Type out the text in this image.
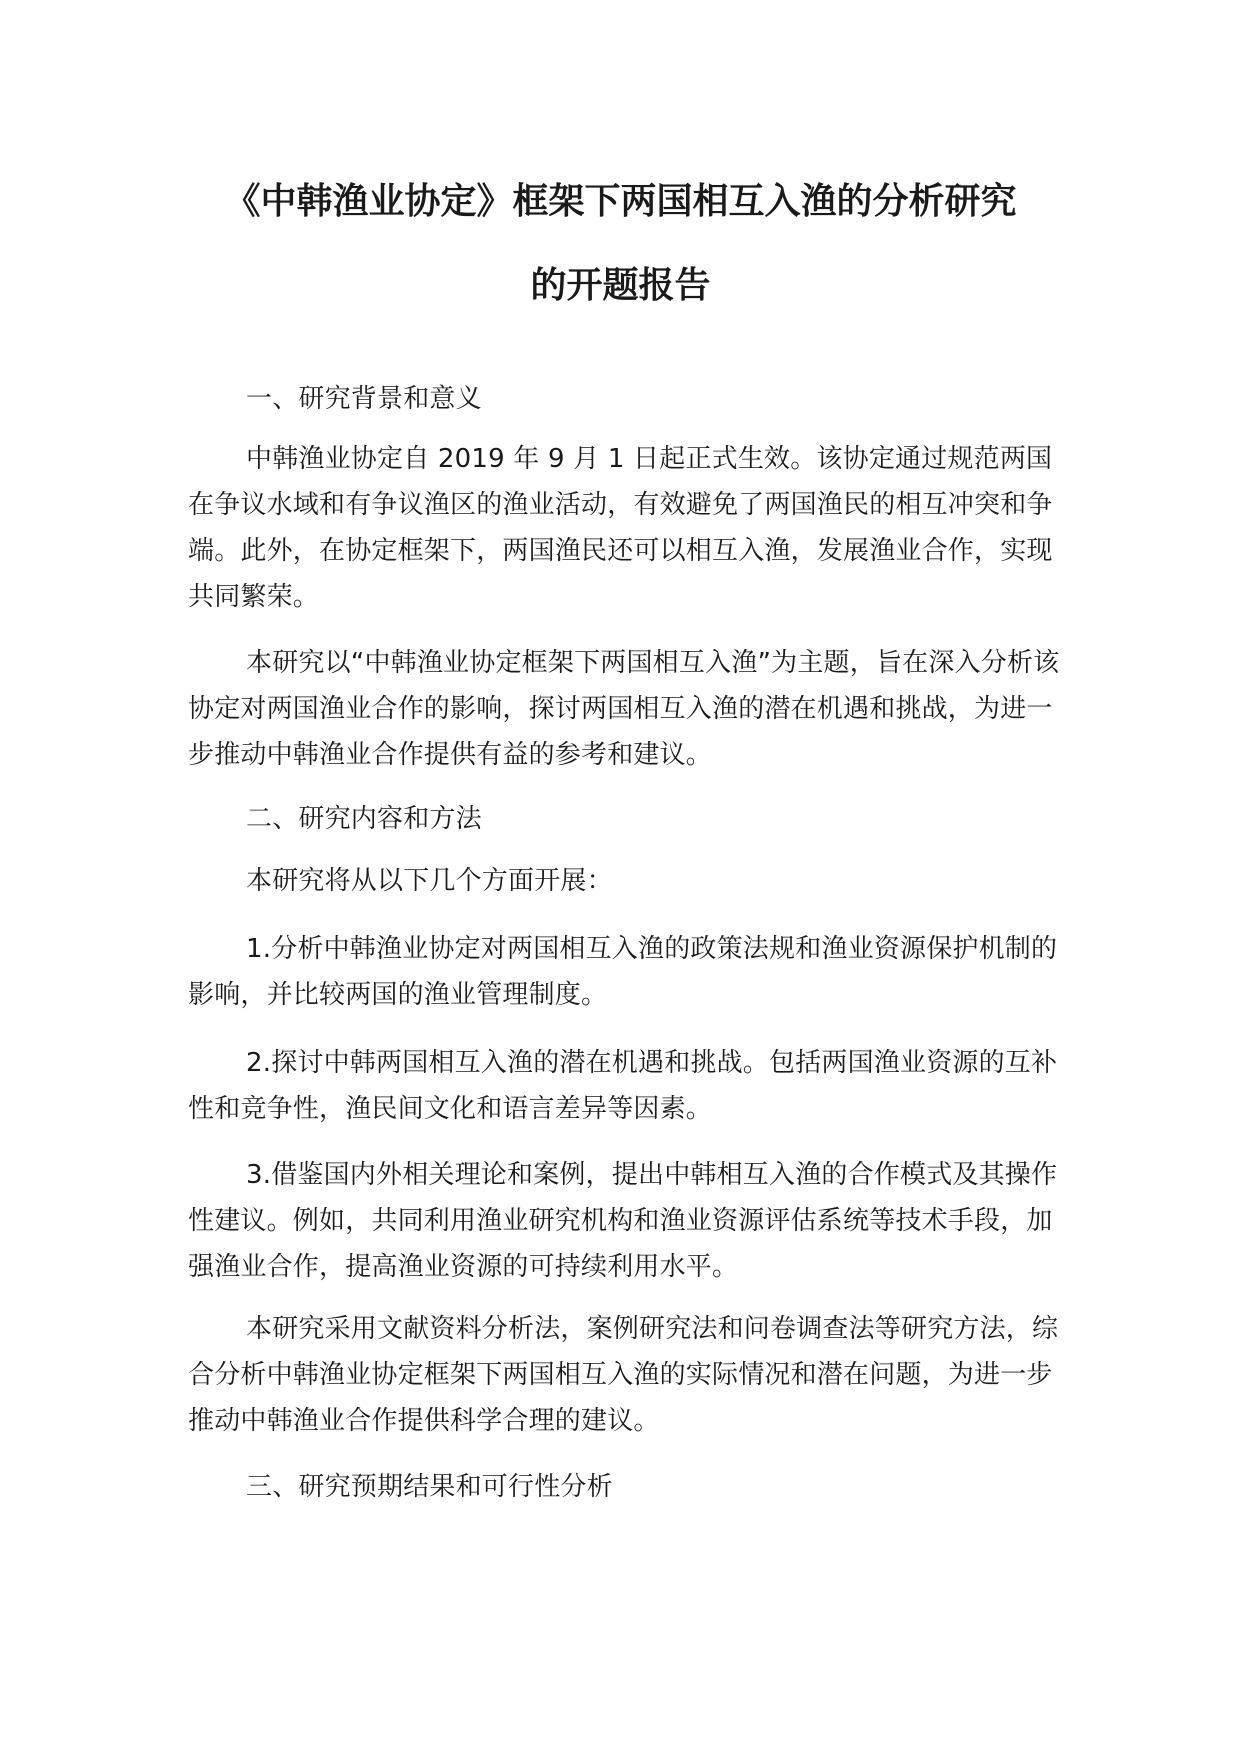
《中韩渔业协定》框架下两国相互入渔的分析研究
的开题报告

一、研究背景和意义

中韩渔业协定自 2019 年 9 月 1 日起正式生效。该协定通过规范两国在争议水域和有争议渔区的渔业活动，有效避免了两国渔民的相互冲突和争端。此外，在协定框架下，两国渔民还可以相互入渔，发展渔业合作，实现共同繁荣。

本研究以“中韩渔业协定框架下两国相互入渔”为主题，旨在深入分析该协定对两国渔业合作的影响，探讨两国相互入渔的潜在机遇和挑战，为进一步推动中韩渔业合作提供有益的参考和建议。

二、研究内容和方法

本研究将从以下几个方面开展：

1.分析中韩渔业协定对两国相互入渔的政策法规和渔业资源保护机制的影响，并比较两国的渔业管理制度。

2.探讨中韩两国相互入渔的潜在机遇和挑战。包括两国渔业资源的互补性和竞争性，渔民间文化和语言差异等因素。

3.借鉴国内外相关理论和案例，提出中韩相互入渔的合作模式及其操作性建议。例如，共同利用渔业研究机构和渔业资源评估系统等技术手段，加强渔业合作，提高渔业资源的可持续利用水平。

本研究采用文献资料分析法，案例研究法和问卷调查法等研究方法，综合分析中韩渔业协定框架下两国相互入渔的实际情况和潜在问题，为进一步推动中韩渔业合作提供科学合理的建议。

三、研究预期结果和可行性分析
